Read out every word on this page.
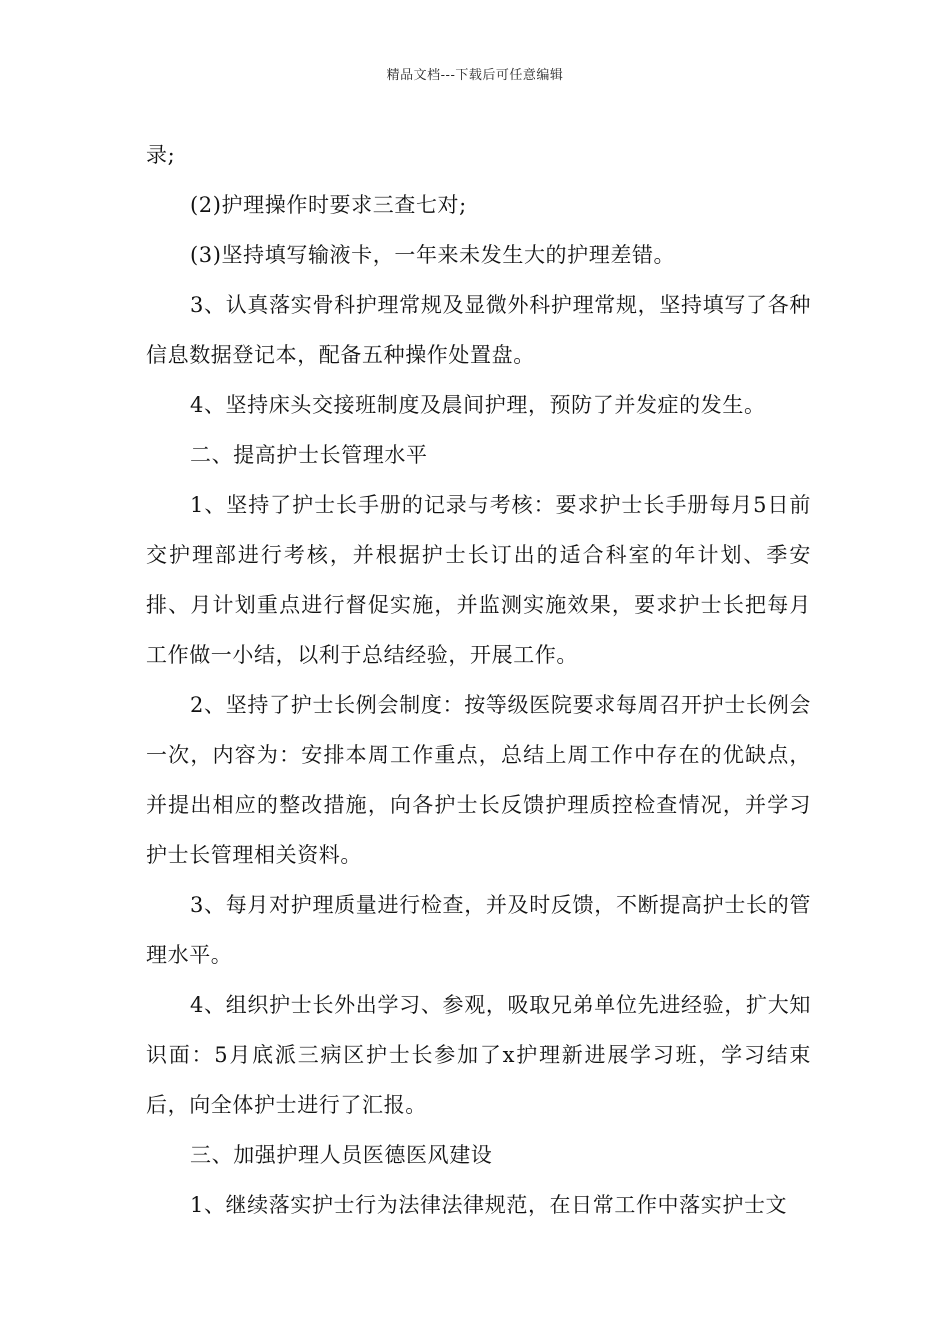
精品文档---下载后可任意编辑

录;

(2)护理操作时要求三查七对;

(3)坚持填写输液卡，一年来未发生大的护理差错。

3、认真落实骨科护理常规及显微外科护理常规，坚持填写了各种信息数据登记本，配备五种操作处置盘。

4、坚持床头交接班制度及晨间护理，预防了并发症的发生。

二、提高护士长管理水平

1、坚持了护士长手册的记录与考核：要求护士长手册每月5日前交护理部进行考核，并根据护士长订出的适合科室的年计划、季安排、月计划重点进行督促实施，并监测实施效果，要求护士长把每月工作做一小结，以利于总结经验，开展工作。

2、坚持了护士长例会制度：按等级医院要求每周召开护士长例会一次，内容为：安排本周工作重点，总结上周工作中存在的优缺点，并提出相应的整改措施，向各护士长反馈护理质控检查情况，并学习护士长管理相关资料。

3、每月对护理质量进行检查，并及时反馈，不断提高护士长的管理水平。

4、组织护士长外出学习、参观，吸取兄弟单位先进经验，扩大知识面：5月底派三病区护士长参加了x护理新进展学习班，学习结束后，向全体护士进行了汇报。

三、加强护理人员医德医风建设

1、继续落实护士行为法律法律规范，在日常工作中落实护士文
